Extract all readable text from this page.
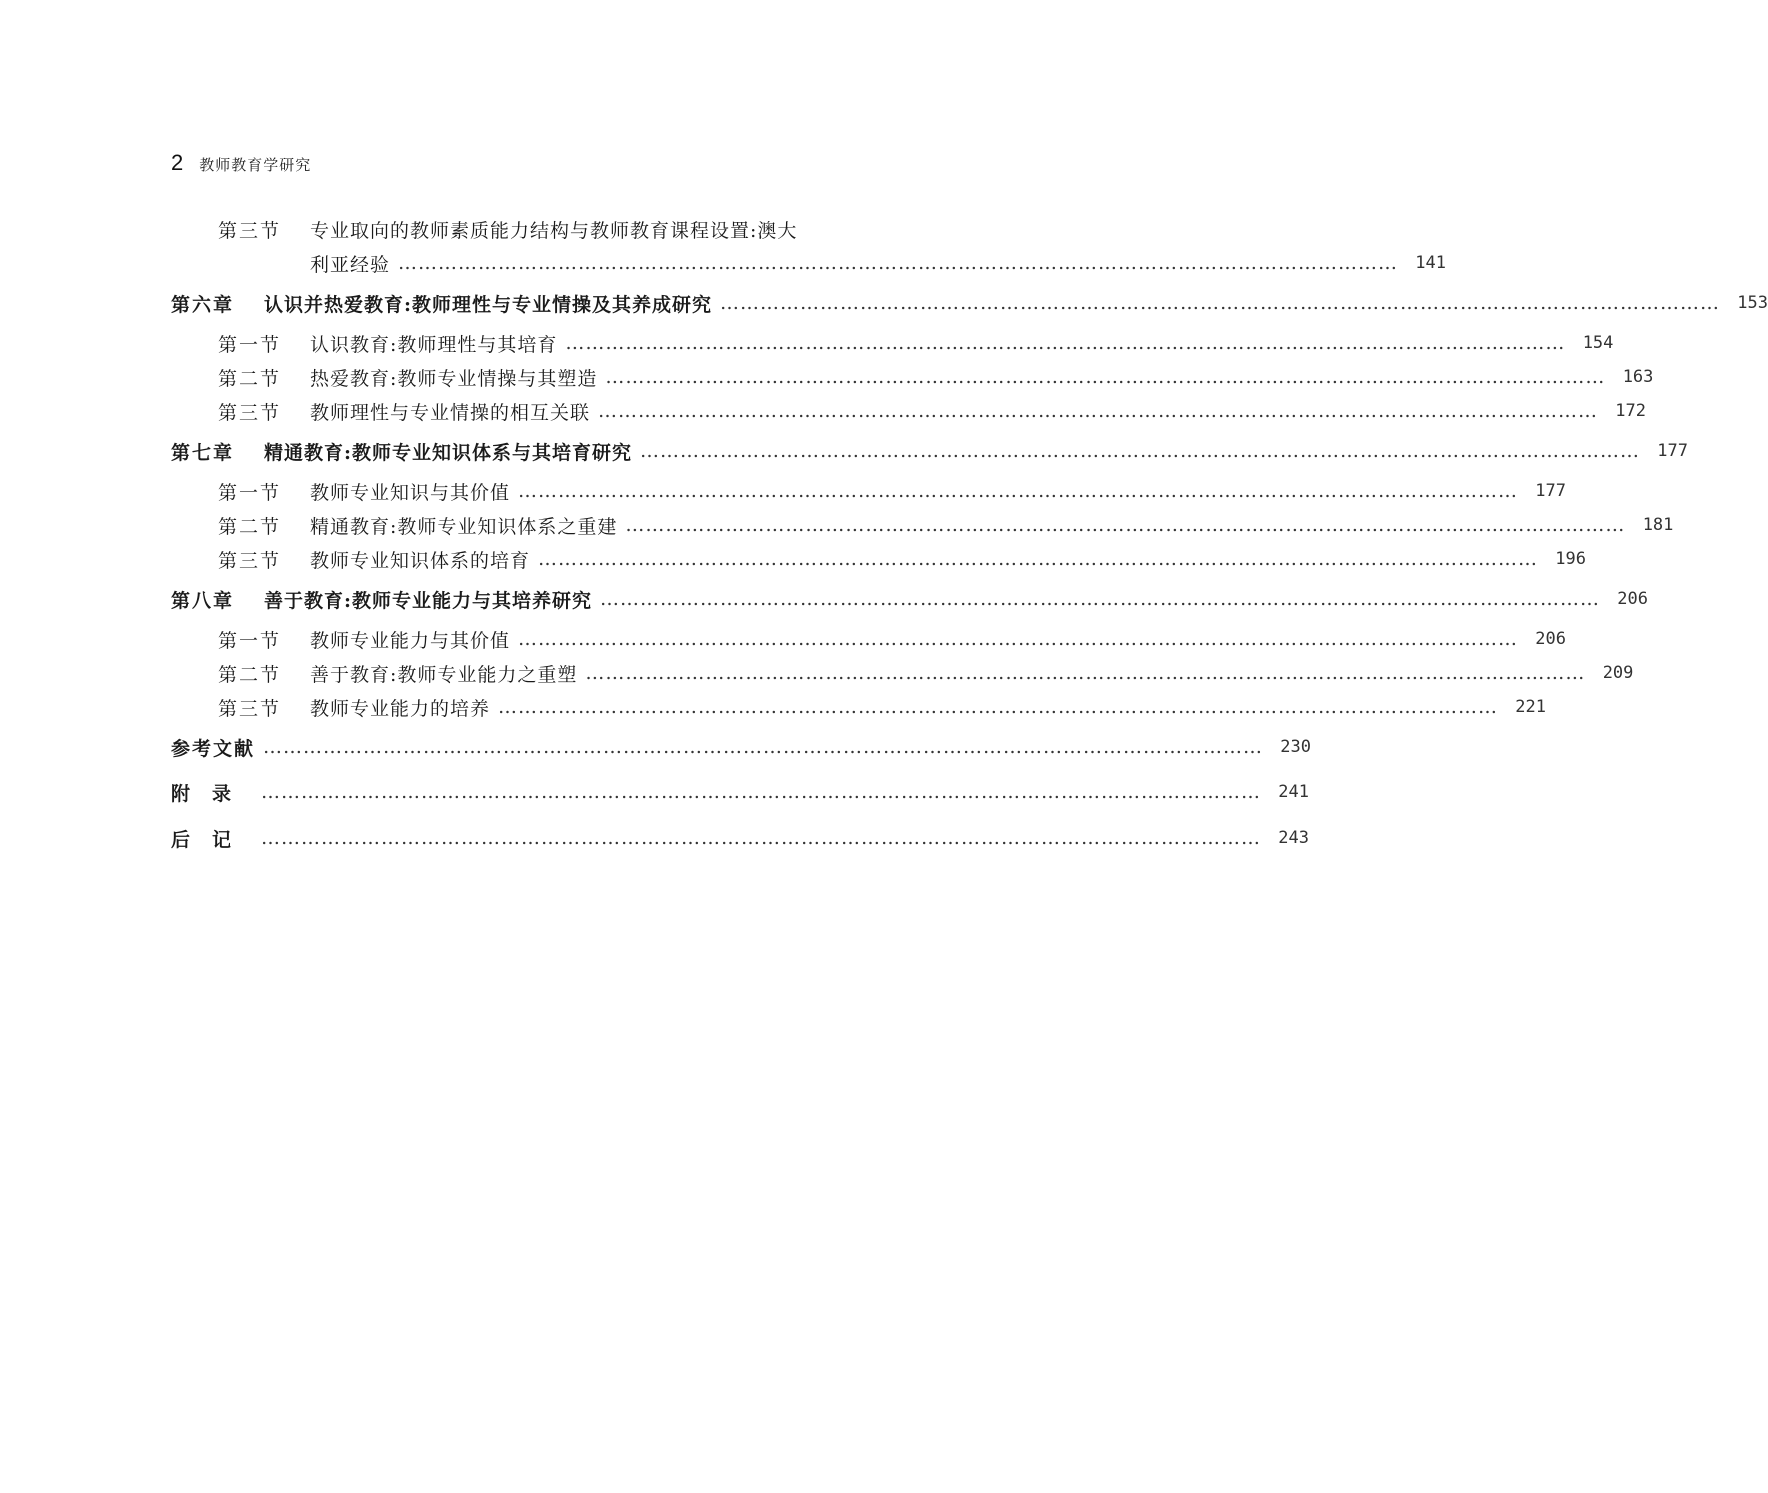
2 教师教育学研究
第三节	专业取向的教师素质能力结构与教师教育课程设置:澳大
利亚经验 ……………………………………………………………………………………………………………………………………	141
第六章	认识并热爱教育:教师理性与专业情操及其养成研究 ……………………………………………………………………………………………………………………………………	153
第一节	认识教育:教师理性与其培育 ……………………………………………………………………………………………………………………………………	154
第二节	热爱教育:教师专业情操与其塑造 ……………………………………………………………………………………………………………………………………	163
第三节	教师理性与专业情操的相互关联 ……………………………………………………………………………………………………………………………………	172
第七章	精通教育:教师专业知识体系与其培育研究 ……………………………………………………………………………………………………………………………………	177
第一节	教师专业知识与其价值 ……………………………………………………………………………………………………………………………………	177
第二节	精通教育:教师专业知识体系之重建 ……………………………………………………………………………………………………………………………………	181
第三节	教师专业知识体系的培育 ……………………………………………………………………………………………………………………………………	196
第八章	善于教育:教师专业能力与其培养研究 ……………………………………………………………………………………………………………………………………	206
第一节	教师专业能力与其价值 ……………………………………………………………………………………………………………………………………	206
第二节	善于教育:教师专业能力之重塑 ……………………………………………………………………………………………………………………………………	209
第三节	教师专业能力的培养 ……………………………………………………………………………………………………………………………………	221
参考文献 ……………………………………………………………………………………………………………………………………	230
附录 ……………………………………………………………………………………………………………………………………	241
后记 ……………………………………………………………………………………………………………………………………	243
